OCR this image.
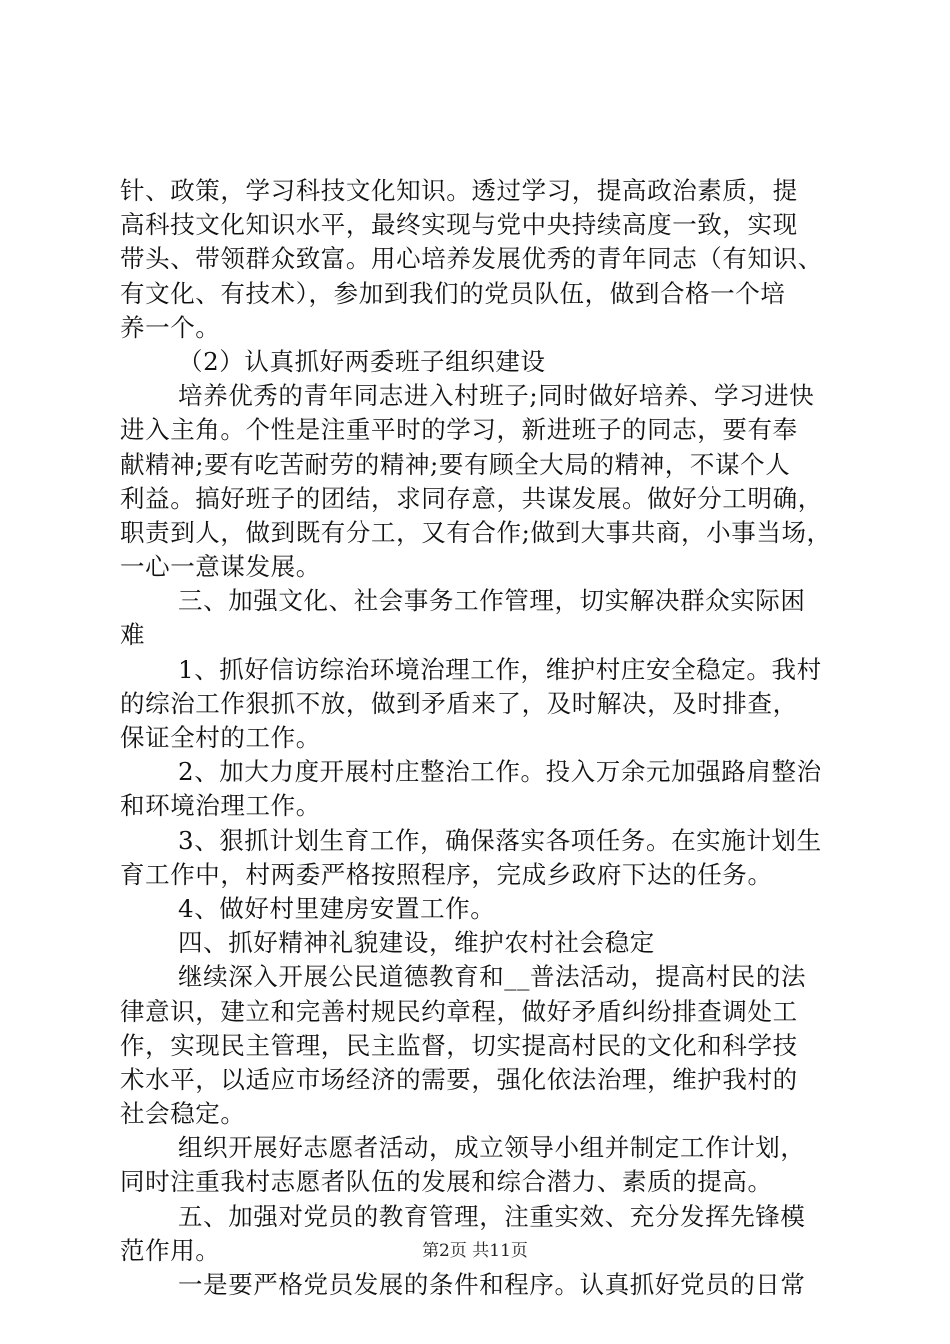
针、政策，学习科技文化知识。透过学习，提高政治素质，提
高科技文化知识水平，最终实现与党中央持续高度一致，实现
带头、带领群众致富。用心培养发展优秀的青年同志（有知识、
有文化、有技术），参加到我们的党员队伍，做到合格一个培
养一个。
（2）认真抓好两委班子组织建设
培养优秀的青年同志进入村班子;同时做好培养、学习进快
进入主角。个性是注重平时的学习，新进班子的同志，要有奉
献精神;要有吃苦耐劳的精神;要有顾全大局的精神，不谋个人
利益。搞好班子的团结，求同存意，共谋发展。做好分工明确，
职责到人，做到既有分工，又有合作;做到大事共商，小事当场，
一心一意谋发展。
三、加强文化、社会事务工作管理，切实解决群众实际困
难
1、抓好信访综治环境治理工作，维护村庄安全稳定。我村
的综治工作狠抓不放，做到矛盾来了，及时解决，及时排查，
保证全村的工作。
2、加大力度开展村庄整治工作。投入万余元加强路肩整治
和环境治理工作。
3、狠抓计划生育工作，确保落实各项任务。在实施计划生
育工作中，村两委严格按照程序，完成乡政府下达的任务。
4、做好村里建房安置工作。
四、抓好精神礼貌建设，维护农村社会稳定
继续深入开展公民道德教育和__普法活动，提高村民的法
律意识，建立和完善村规民约章程，做好矛盾纠纷排查调处工
作，实现民主管理，民主监督，切实提高村民的文化和科学技
术水平，以适应市场经济的需要，强化依法治理，维护我村的
社会稳定。
组织开展好志愿者活动，成立领导小组并制定工作计划，
同时注重我村志愿者队伍的发展和综合潜力、素质的提高。
五、加强对党员的教育管理，注重实效、充分发挥先锋模
范作用。
一是要严格党员发展的条件和程序。认真抓好党员的日常
第2页 共11页
